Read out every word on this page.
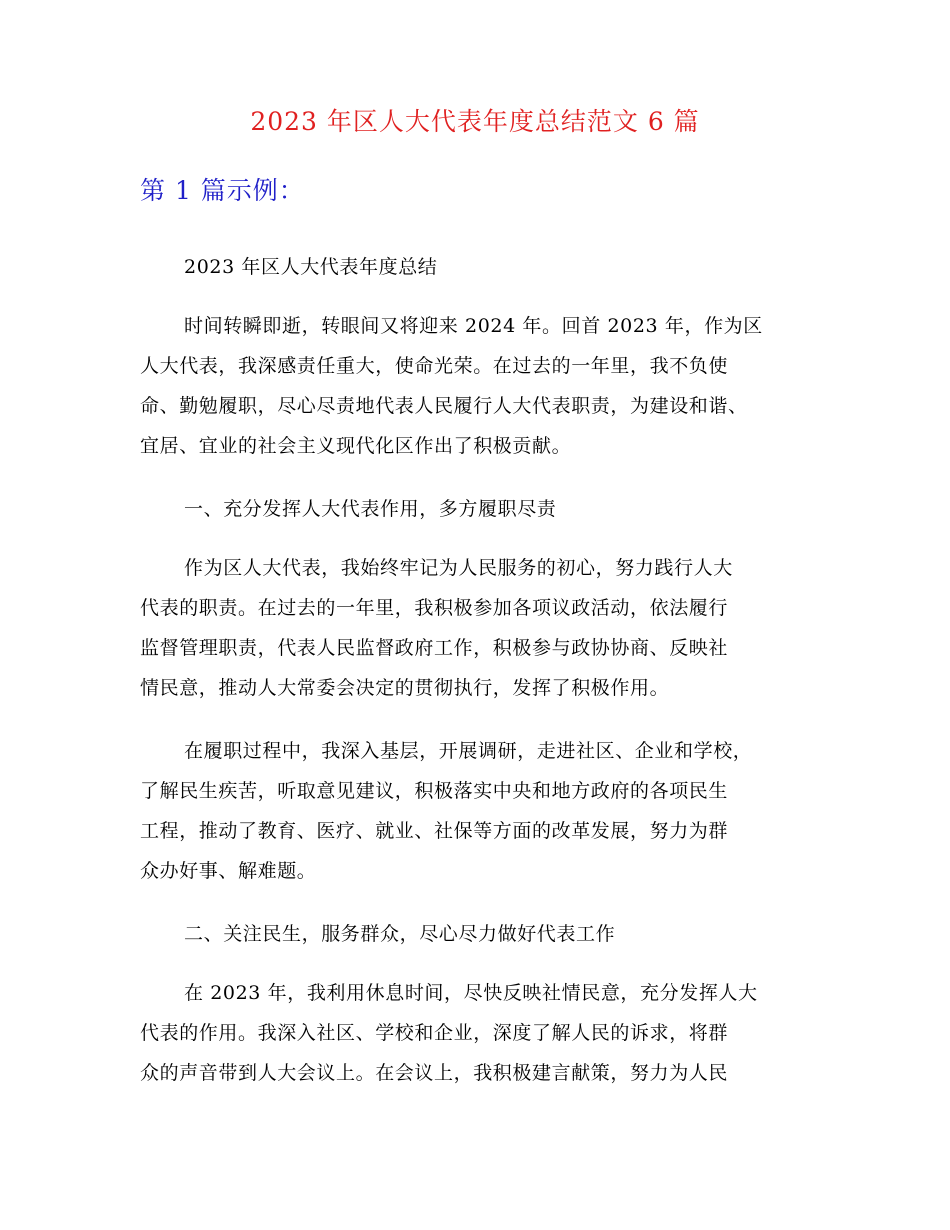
2023 年区人大代表年度总结范文 6 篇
第 1 篇示例：
2023 年区人大代表年度总结
时间转瞬即逝，转眼间又将迎来 2024 年。回首 2023 年，作为区
人大代表，我深感责任重大，使命光荣。在过去的一年里，我不负使
命、勤勉履职，尽心尽责地代表人民履行人大代表职责，为建设和谐、
宜居、宜业的社会主义现代化区作出了积极贡献。
一、充分发挥人大代表作用，多方履职尽责
作为区人大代表，我始终牢记为人民服务的初心，努力践行人大
代表的职责。在过去的一年里，我积极参加各项议政活动，依法履行
监督管理职责，代表人民监督政府工作，积极参与政协协商、反映社
情民意，推动人大常委会决定的贯彻执行，发挥了积极作用。
在履职过程中，我深入基层，开展调研，走进社区、企业和学校，
了解民生疾苦，听取意见建议，积极落实中央和地方政府的各项民生
工程，推动了教育、医疗、就业、社保等方面的改革发展，努力为群
众办好事、解难题。
二、关注民生，服务群众，尽心尽力做好代表工作
在 2023 年，我利用休息时间，尽快反映社情民意，充分发挥人大
代表的作用。我深入社区、学校和企业，深度了解人民的诉求，将群
众的声音带到人大会议上。在会议上，我积极建言献策，努力为人民
